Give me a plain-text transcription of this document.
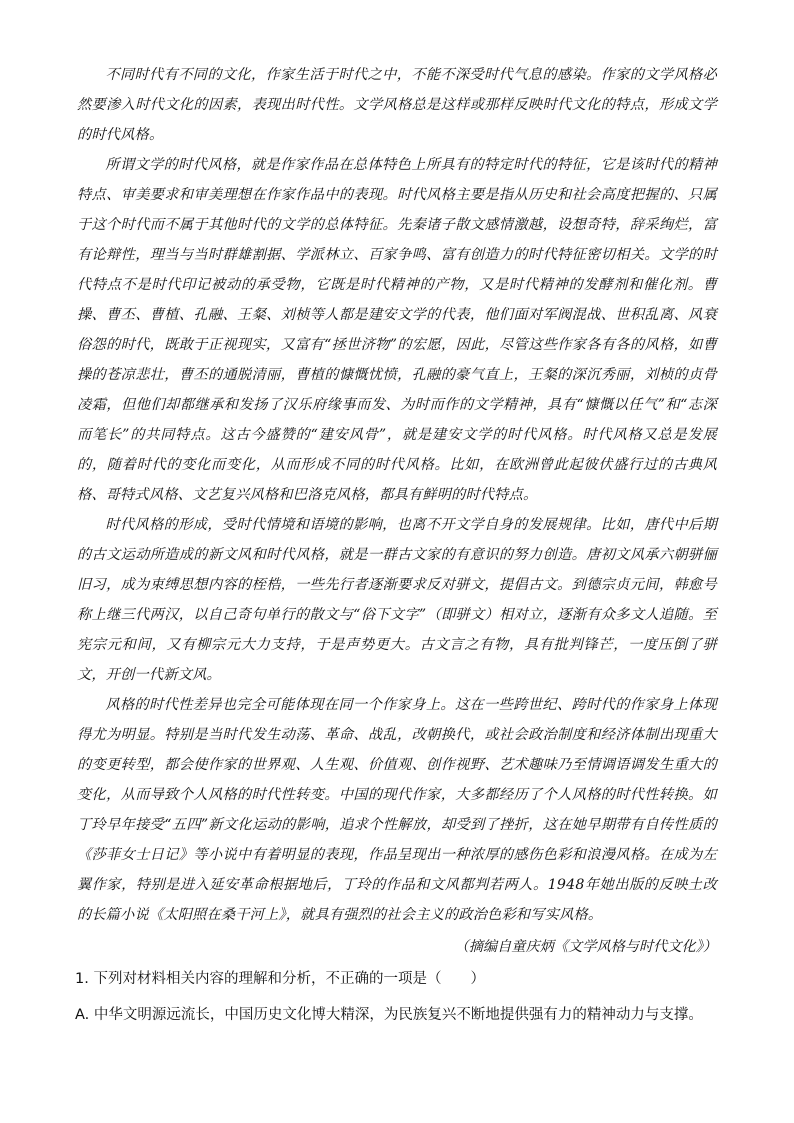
不同时代有不同的文化，作家生活于时代之中，不能不深受时代气息的感染。作家的文学风格必然要渗入时代文化的因素，表现出时代性。文学风格总是这样或那样反映时代文化的特点，形成文学的时代风格。

所谓文学的时代风格，就是作家作品在总体特色上所具有的特定时代的特征，它是该时代的精神特点、审美要求和审美理想在作家作品中的表现。时代风格主要是指从历史和社会高度把握的、只属于这个时代而不属于其他时代的文学的总体特征。先秦诸子散文感情激越，设想奇特，辞采绚烂，富有论辩性，理当与当时群雄割据、学派林立、百家争鸣、富有创造力的时代特征密切相关。文学的时代特点不是时代印记被动的承受物，它既是时代精神的产物，又是时代精神的发酵剂和催化剂。曹操、曹丕、曹植、孔融、王粲、刘桢等人都是建安文学的代表，他们面对军阀混战、世积乱离、风衰俗怨的时代，既敢于正视现实，又富有“拯世济物”的宏愿，因此，尽管这些作家各有各的风格，如曹操的苍凉悲壮，曹丕的通脱清丽，曹植的慷慨忧愤，孔融的豪气直上，王粲的深沉秀丽，刘桢的贞骨凌霜，但他们却都继承和发扬了汉乐府缘事而发、为时而作的文学精神，具有“慷慨以任气”和“志深而笔长”的共同特点。这古今盛赞的“建安风骨”，就是建安文学的时代风格。时代风格又总是发展的，随着时代的变化而变化，从而形成不同的时代风格。比如，在欧洲曾此起彼伏盛行过的古典风格、哥特式风格、文艺复兴风格和巴洛克风格，都具有鲜明的时代特点。

时代风格的形成，受时代情境和语境的影响，也离不开文学自身的发展规律。比如，唐代中后期的古文运动所造成的新文风和时代风格，就是一群古文家的有意识的努力创造。唐初文风承六朝骈俪旧习，成为束缚思想内容的桎梏，一些先行者逐渐要求反对骈文，提倡古文。到德宗贞元间，韩愈号称上继三代两汉，以自己奇句单行的散文与“俗下文字”（即骈文）相对立，逐渐有众多文人追随。至宪宗元和间，又有柳宗元大力支持，于是声势更大。古文言之有物，具有批判锋芒，一度压倒了骈文，开创一代新文风。

风格的时代性差异也完全可能体现在同一个作家身上。这在一些跨世纪、跨时代的作家身上体现得尤为明显。特别是当时代发生动荡、革命、战乱，改朝换代，或社会政治制度和经济体制出现重大的变更转型，都会使作家的世界观、人生观、价值观、创作视野、艺术趣味乃至情调语调发生重大的变化，从而导致个人风格的时代性转变。中国的现代作家，大多都经历了个人风格的时代性转换。如丁玲早年接受“五四”新文化运动的影响，追求个性解放，却受到了挫折，这在她早期带有自传性质的《莎菲女士日记》等小说中有着明显的表现，作品呈现出一种浓厚的感伤色彩和浪漫风格。在成为左翼作家，特别是进入延安革命根据地后，丁玲的作品和文风都判若两人。1948年她出版的反映土改的长篇小说《太阳照在桑干河上》，就具有强烈的社会主义的政治色彩和写实风格。

（摘编自童庆炳《文学风格与时代文化》）

1. 下列对材料相关内容的理解和分析，不正确的一项是（　　）

A. 中华文明源远流长，中国历史文化博大精深，为民族复兴不断地提供强有力的精神动力与支撑。
